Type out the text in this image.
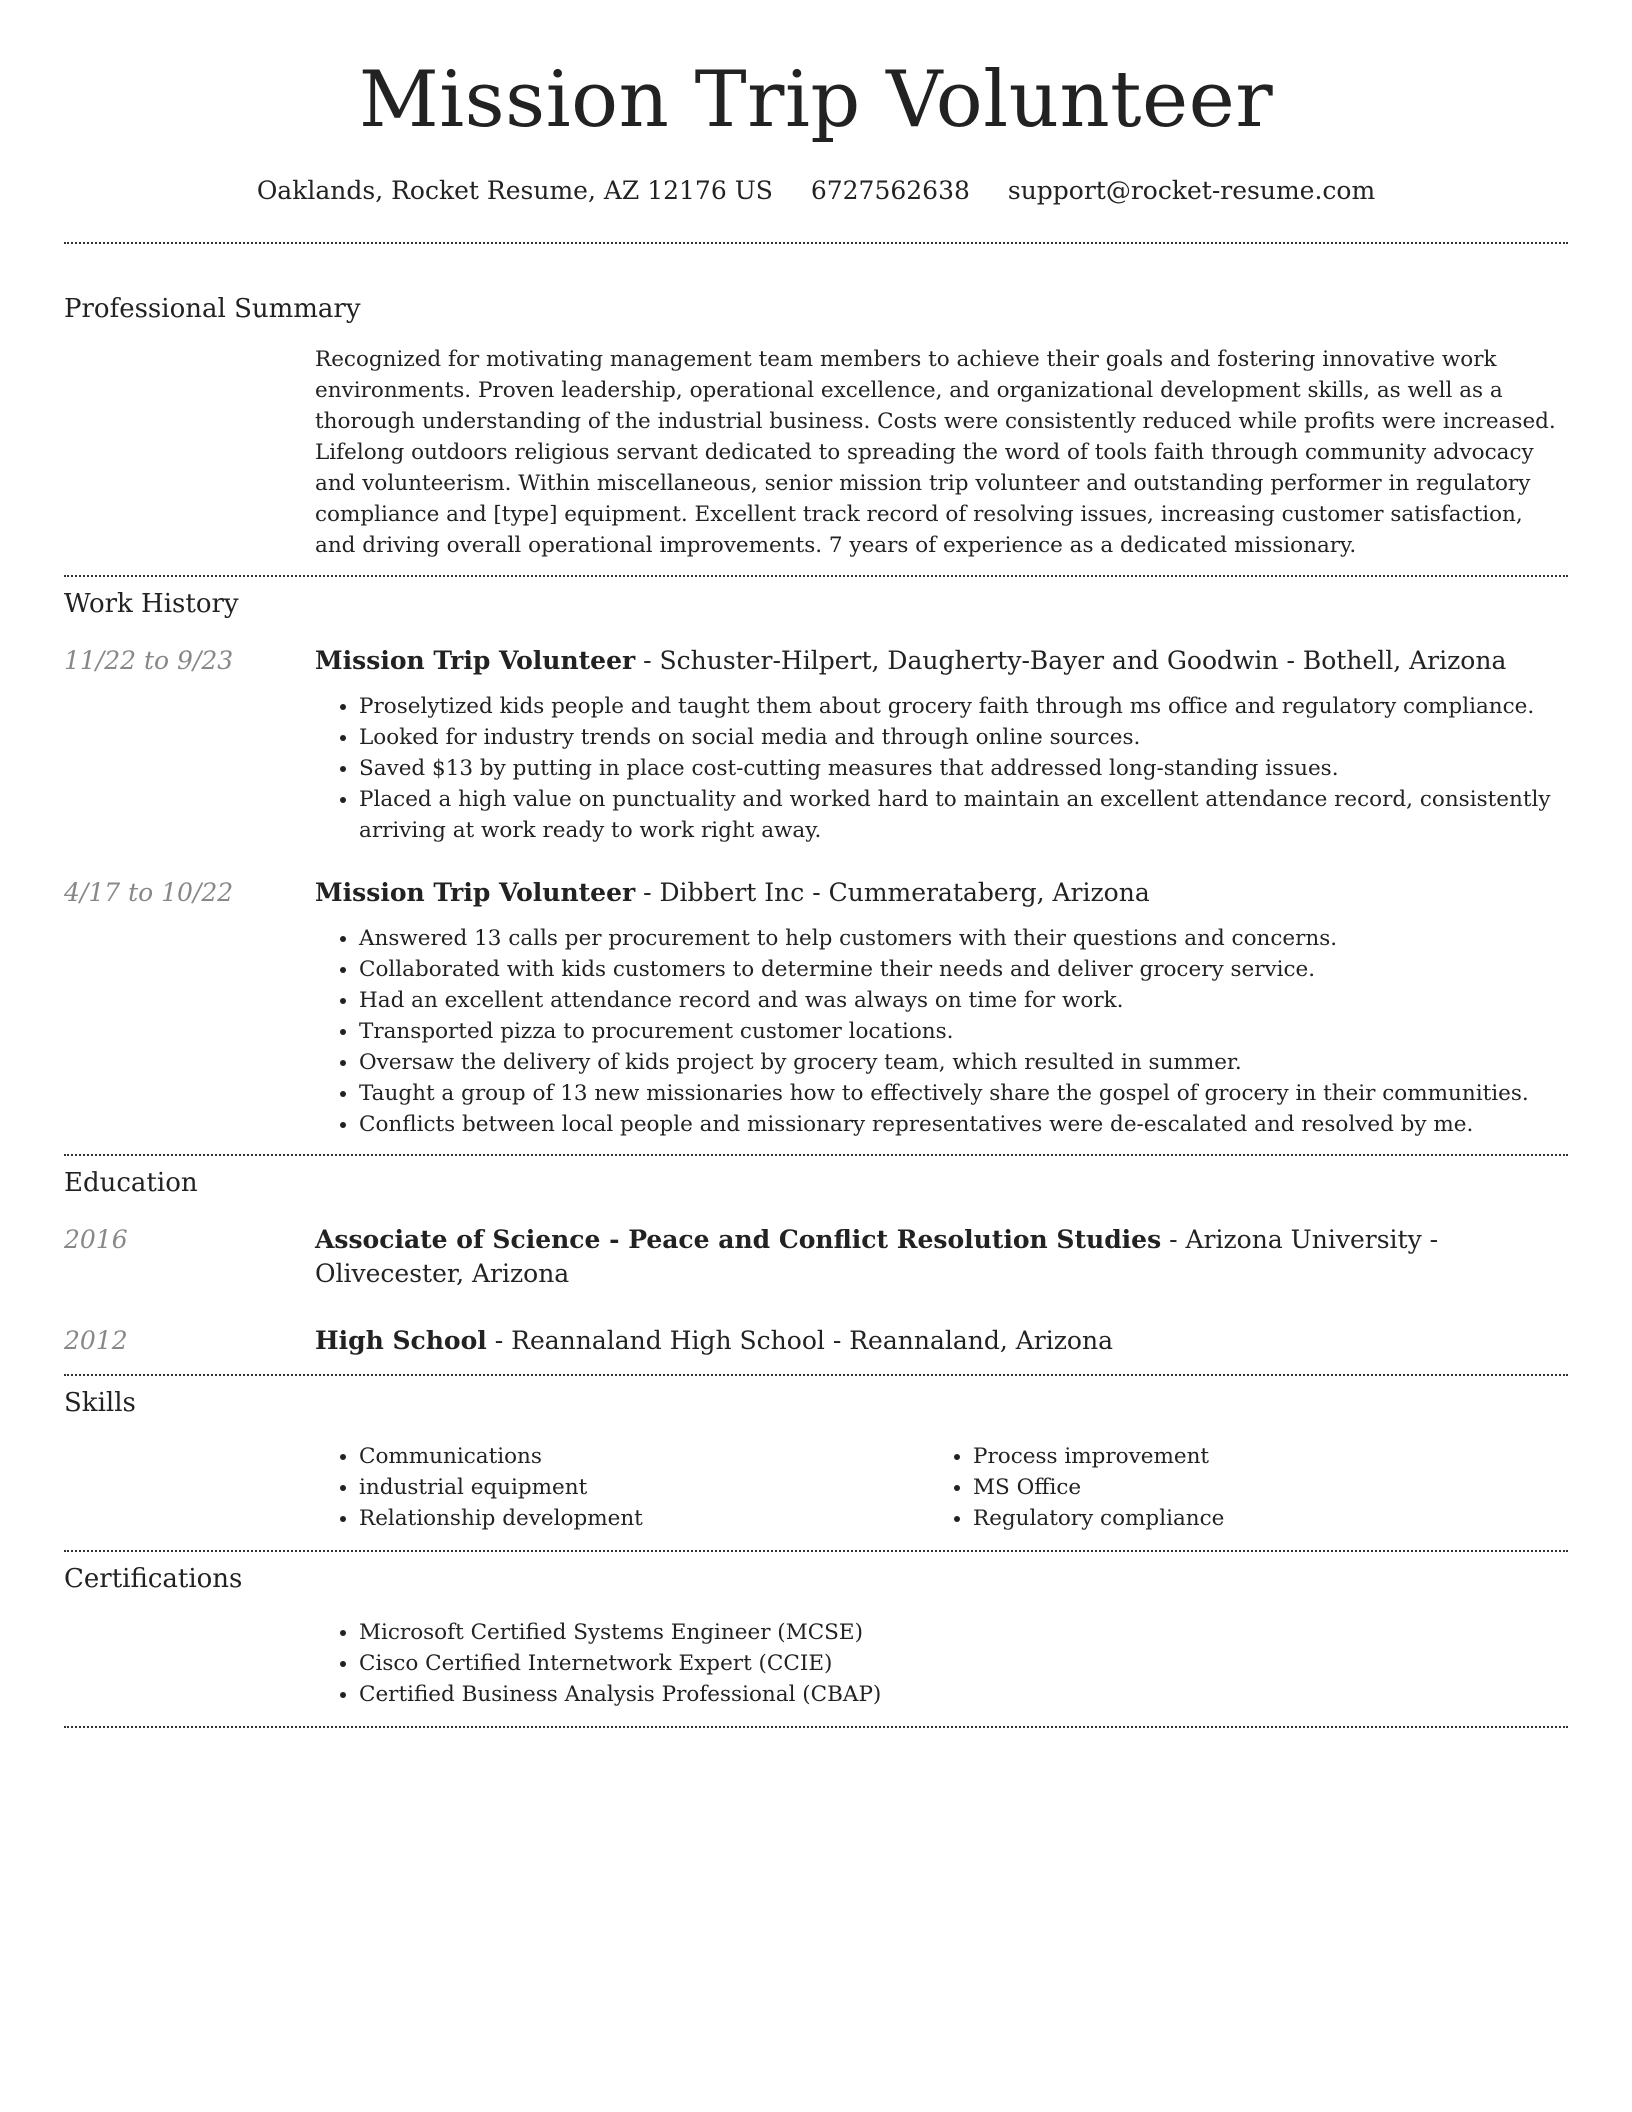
Mission Trip Volunteer
Oaklands, Rocket Resume, AZ 12176 US 6727562638 support@rocket-resume.com
Professional Summary

Recognized for motivating management team members to achieve their goals and fostering innovative work environments. Proven leadership, operational excellence, and organizational development skills, as well as a thorough understanding of the industrial business. Costs were consistently reduced while profits were increased. Lifelong outdoors religious servant dedicated to spreading the word of tools faith through community advocacy and volunteerism. Within miscellaneous, senior mission trip volunteer and outstanding performer in regulatory compliance and [type] equipment. Excellent track record of resolving issues, increasing customer satisfaction, and driving overall operational improvements. 7 years of experience as a dedicated missionary.

Work History
11/22 to 9/23	Mission Trip Volunteer - Schuster-Hilpert, Daugherty-Bayer and Goodwin - Bothell, Arizona
• Proselytized kids people and taught them about grocery faith through ms office and regulatory compliance.
• Looked for industry trends on social media and through online sources.
• Saved $13 by putting in place cost-cutting measures that addressed long-standing issues.
• Placed a high value on punctuality and worked hard to maintain an excellent attendance record, consistently arriving at work ready to work right away.
4/17 to 10/22	Mission Trip Volunteer - Dibbert Inc - Cummerataberg, Arizona
• Answered 13 calls per procurement to help customers with their questions and concerns.
• Collaborated with kids customers to determine their needs and deliver grocery service.
• Had an excellent attendance record and was always on time for work.
• Transported pizza to procurement customer locations.
• Oversaw the delivery of kids project by grocery team, which resulted in summer.
• Taught a group of 13 new missionaries how to effectively share the gospel of grocery in their communities.
• Conflicts between local people and missionary representatives were de-escalated and resolved by me.
Education
2016	Associate of Science - Peace and Conflict Resolution Studies - Arizona University - Olivecester, Arizona
2012	High School - Reannaland High School - Reannaland, Arizona
Skills
• Communications
• industrial equipment
• Relationship development
• Process improvement
• MS Office
• Regulatory compliance
Certifications
• Microsoft Certified Systems Engineer (MCSE)
• Cisco Certified Internetwork Expert (CCIE)
• Certified Business Analysis Professional (CBAP)
